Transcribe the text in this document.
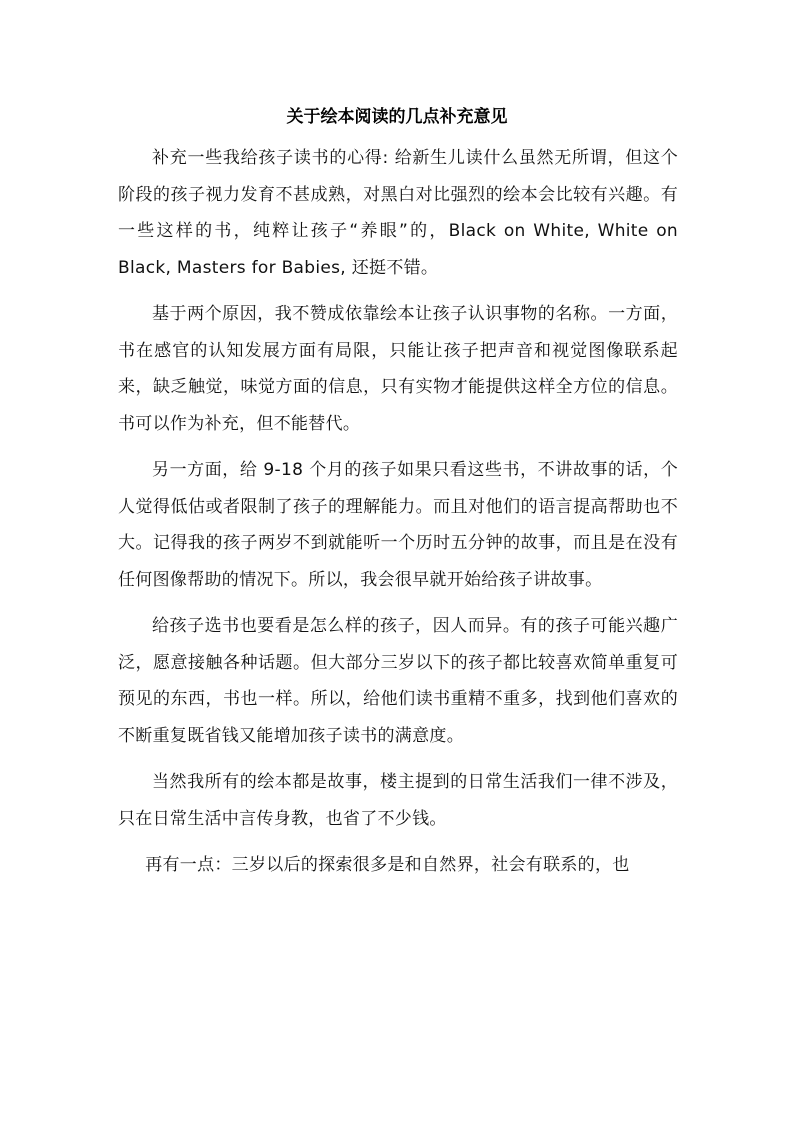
关于绘本阅读的几点补充意见

补充一些我给孩子读书的心得: 给新生儿读什么虽然无所谓，但这个阶段的孩子视力发育不甚成熟，对黑白对比强烈的绘本会比较有兴趣。有一些这样的书，纯粹让孩子“养眼”的，Black on White, White on Black, Masters for Babies, 还挺不错。

基于两个原因，我不赞成依靠绘本让孩子认识事物的名称。一方面，书在感官的认知发展方面有局限，只能让孩子把声音和视觉图像联系起来，缺乏触觉，味觉方面的信息，只有实物才能提供这样全方位的信息。书可以作为补充，但不能替代。

另一方面，给 9-18 个月的孩子如果只看这些书，不讲故事的话，个人觉得低估或者限制了孩子的理解能力。而且对他们的语言提高帮助也不大。记得我的孩子两岁不到就能听一个历时五分钟的故事，而且是在没有任何图像帮助的情况下。所以，我会很早就开始给孩子讲故事。

给孩子选书也要看是怎么样的孩子，因人而异。有的孩子可能兴趣广泛，愿意接触各种话题。但大部分三岁以下的孩子都比较喜欢简单重复可预见的东西，书也一样。所以，给他们读书重精不重多，找到他们喜欢的不断重复既省钱又能增加孩子读书的满意度。

当然我所有的绘本都是故事，楼主提到的日常生活我们一律不涉及，只在日常生活中言传身教，也省了不少钱。

再有一点：三岁以后的探索很多是和自然界，社会有联系的，也
